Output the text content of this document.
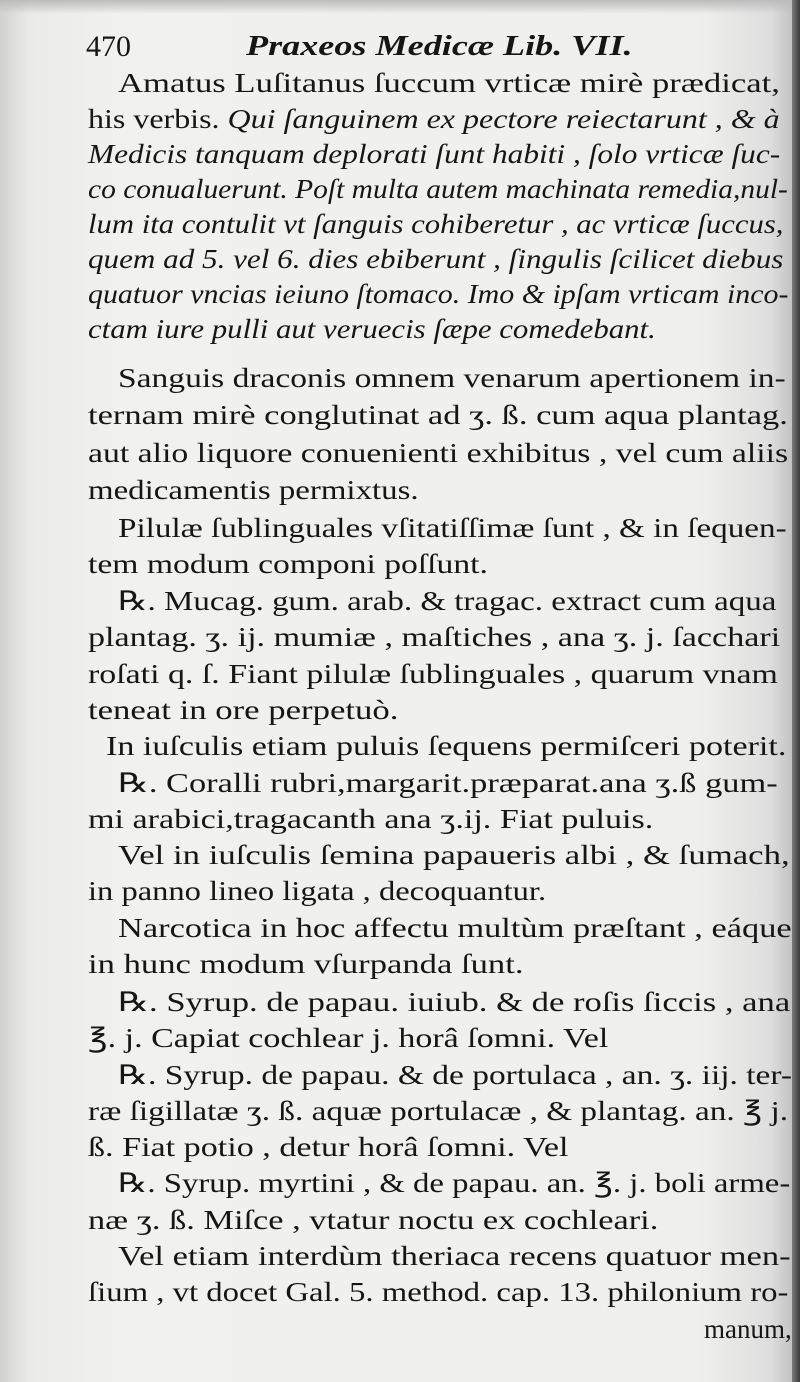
470	Praxeos Medicæ Lib. VII.
Amatus Luſitanus ſuccum vrticæ mirè prædicat,
his verbis. Qui ſanguinem ex pectore reiectarunt , & à
Medicis tanquam deplorati ſunt habiti , ſolo vrticæ ſuc-
co conualuerunt. Poſt multa autem machinata remedia,nul-
lum ita contulit vt ſanguis cohiberetur , ac vrticæ ſuccus,
quem ad 5. vel 6. dies ebiberunt , ſingulis ſcilicet diebus
quatuor vncias ieiuno ſtomaco. Imo & ipſam vrticam inco-
ctam iure pulli aut veruecis ſæpe comedebant.
Sanguis draconis omnem venarum apertionem in-
ternam mirè conglutinat ad ʒ. ß. cum aqua plantag.
aut alio liquore conuenienti exhibitus , vel cum aliis
medicamentis permixtus.
Pilulæ ſublinguales vſitatiſſimæ ſunt , & in ſequen-
tem modum componi poſſunt.
℞. Mucag. gum. arab. & tragac. extract cum aqua
plantag. ʒ. ij. mumiæ , maſtiches , ana ʒ. j. ſacchari
roſati q. ſ. Fiant pilulæ ſublinguales , quarum vnam
teneat in ore perpetuò.
In iuſculis etiam puluis ſequens permiſceri poterit.
℞. Coralli rubri,margarit.præparat.ana ʒ.ß gum-
mi arabici,tragacanth ana ʒ.ij. Fiat puluis.
Vel in iuſculis ſemina papaueris albi , & ſumach,
in panno lineo ligata , decoquantur.
Narcotica in hoc affectu multùm præſtant , eáque
in hunc modum vſurpanda ſunt.
℞. Syrup. de papau. iuiub. & de roſis ſiccis , ana
℥. j. Capiat cochlear j. horâ ſomni. Vel
℞. Syrup. de papau. & de portulaca , an. ʒ. iij. ter-
ræ ſigillatæ ʒ. ß. aquæ portulacæ , & plantag. an. ℥ j.
ß. Fiat potio , detur horâ ſomni. Vel
℞. Syrup. myrtini , & de papau. an. ℥. j. boli arme-
næ ʒ. ß. Miſce , vtatur noctu ex cochleari.
Vel etiam interdùm theriaca recens quatuor men-
ſium , vt docet Gal. 5. method. cap. 13. philonium ro-
manum,
